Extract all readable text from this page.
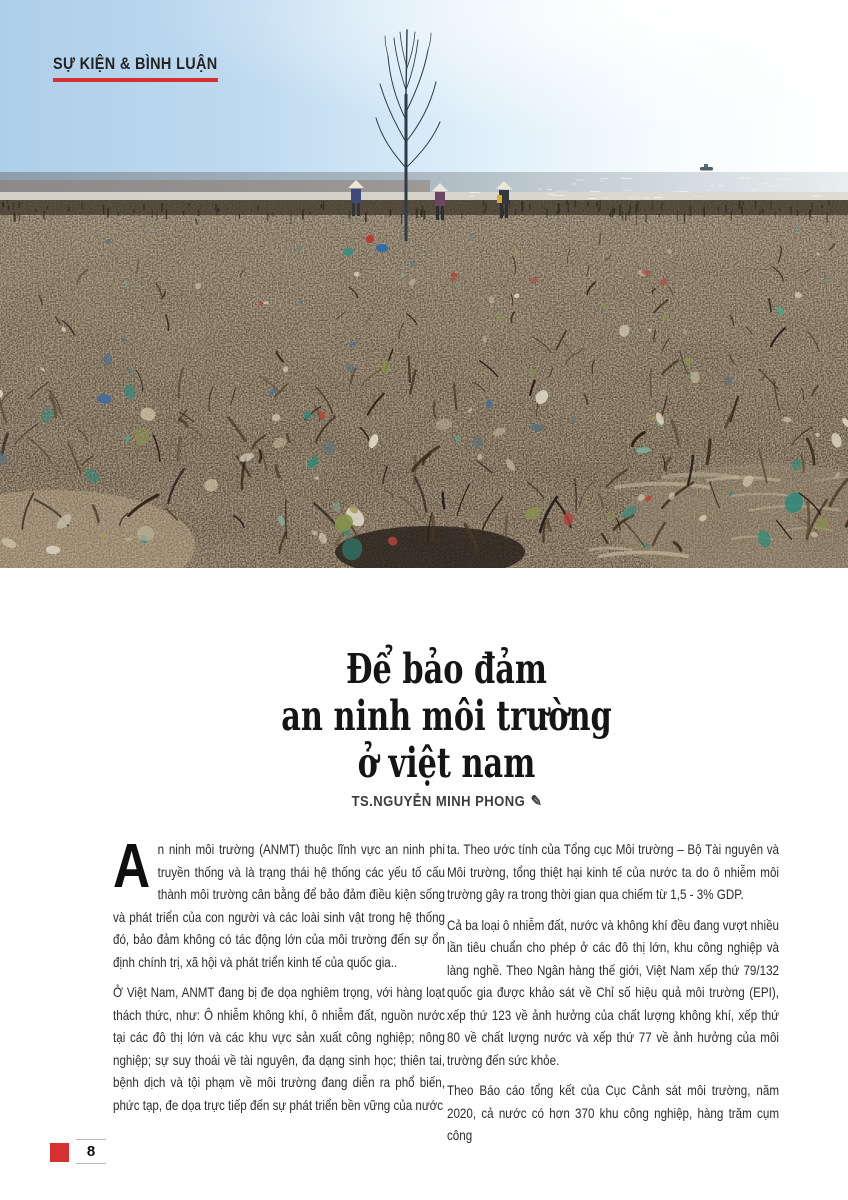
SỰ KIỆN & BÌNH LUẬN
Để bảo đảm
an ninh môi trường
ở việt nam
TS.NGUYỄN MINH PHONG ✎

An ninh môi trường (ANMT) thuộc lĩnh vực an ninh phi truyền thống và là trạng thái hệ thống các yếu tố cấu thành môi trường cân bằng để bảo đảm điều kiện sống và phát triển của con người và các loài sinh vật trong hệ thống đó, bảo đảm không có tác động lớn của môi trường đến sự ổn định chính trị, xã hội và phát triển kinh tế của quốc gia..

Ở Việt Nam, ANMT đang bị đe dọa nghiêm trọng, với hàng loạt thách thức, như: Ô nhiễm không khí, ô nhiễm đất, nguồn nước tại các đô thị lớn và các khu vực sản xuất công nghiệp; nông nghiệp; sự suy thoái về tài nguyên, đa dạng sinh học; thiên tai, bệnh dịch và tội phạm về môi trường đang diễn ra phổ biến, phức tạp, đe dọa trực tiếp đến sự phát triển bền vững của nước

ta. Theo ước tính của Tổng cục Môi trường – Bộ Tài nguyên và Môi trường, tổng thiệt hại kinh tế của nước ta do ô nhiễm môi trường gây ra trong thời gian qua chiếm từ 1,5 - 3% GDP.

Cả ba loại ô nhiễm đất, nước và không khí đều đang vượt nhiều lần tiêu chuẩn cho phép ở các đô thị lớn, khu công nghiệp và làng nghề. Theo Ngân hàng thế giới, Việt Nam xếp thứ 79/132 quốc gia được khảo sát về Chỉ số hiệu quả môi trường (EPI), xếp thứ 123 về ảnh hưởng của chất lượng không khí, xếp thứ 80 về chất lượng nước và xếp thứ 77 về ảnh hưởng của môi trường đến sức khỏe.

Theo Báo cáo tổng kết của Cục Cảnh sát môi trường, năm 2020, cả nước có hơn 370 khu công nghiệp, hàng trăm cụm công

8
